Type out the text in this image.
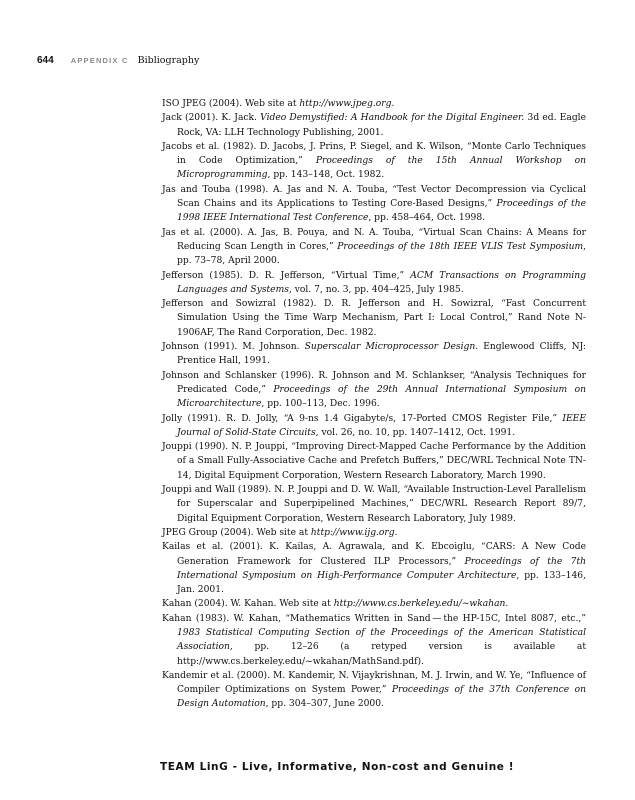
644 APPENDIX C Bibliography
ISO JPEG (2004). Web site at http://www.jpeg.org.
Jack (2001). K. Jack. Video Demystified: A Handbook for the Digital Engineer. 3d ed. Eagle Rock, VA: LLH Technology Publishing, 2001.
Jacobs et al. (1982). D. Jacobs, J. Prins, P. Siegel, and K. Wilson, “Monte Carlo Techniques in Code Optimization,” Proceedings of the 15th Annual Workshop on Microprogramming, pp. 143–148, Oct. 1982.
Jas and Touba (1998). A. Jas and N. A. Touba, “Test Vector Decompression via Cyclical Scan Chains and its Applications to Testing Core-Based Designs,” Proceedings of the 1998 IEEE International Test Conference, pp. 458–464, Oct. 1998.
Jas et al. (2000). A. Jas, B. Pouya, and N. A. Touba, “Virtual Scan Chains: A Means for Reducing Scan Length in Cores,” Proceedings of the 18th IEEE VLIS Test Symposium, pp. 73–78, April 2000.
Jefferson (1985). D. R. Jefferson, “Virtual Time,” ACM Transactions on Programming Languages and Systems, vol. 7, no. 3, pp. 404–425, July 1985.
Jefferson and Sowizral (1982). D. R. Jefferson and H. Sowizral, “Fast Concurrent Simulation Using the Time Warp Mechanism, Part I: Local Control,” Rand Note N-1906AF, The Rand Corporation, Dec. 1982.
Johnson (1991). M. Johnson. Superscalar Microprocessor Design. Englewood Cliffs, NJ: Prentice Hall, 1991.
Johnson and Schlansker (1996). R. Johnson and M. Schlankser, “Analysis Techniques for Predicated Code,” Proceedings of the 29th Annual International Symposium on Microarchitecture, pp. 100–113, Dec. 1996.
Jolly (1991). R. D. Jolly, “A 9-ns 1.4 Gigabyte/s, 17-Ported CMOS Register File,” IEEE Journal of Solid-State Circuits, vol. 26, no. 10, pp. 1407–1412, Oct. 1991.
Jouppi (1990). N. P. Jouppi, “Improving Direct-Mapped Cache Performance by the Addition of a Small Fully-Associative Cache and Prefetch Buffers,” DEC/WRL Technical Note TN-14, Digital Equipment Corporation, Western Research Laboratory, March 1990.
Jouppi and Wall (1989). N. P. Jouppi and D. W. Wall, “Available Instruction-Level Parallelism for Superscalar and Superpipelined Machines,” DEC/WRL Research Report 89/7, Digital Equipment Corporation, Western Research Laboratory, July 1989.
JPEG Group (2004). Web site at http://www.ijg.org.
Kailas et al. (2001). K. Kailas, A. Agrawala, and K. Ebcoiglu, “CARS: A New Code Generation Framework for Clustered ILP Processors,” Proceedings of the 7th International Symposium on High-Performance Computer Architecture, pp. 133–146, Jan. 2001.
Kahan (2004). W. Kahan. Web site at http://www.cs.berkeley.edu/~wkahan.
Kahan (1983). W. Kahan, “Mathematics Written in Sand — the HP-15C, Intel 8087, etc.,” 1983 Statistical Computing Section of the Proceedings of the American Statistical Association, pp. 12–26 (a retyped version is available at http://www.cs.berkeley.edu/~wkahan/MathSand.pdf).
Kandemir et al. (2000). M. Kandemir, N. Vijaykrishnan, M. J. Irwin, and W. Ye, “Influence of Compiler Optimizations on System Power,” Proceedings of the 37th Conference on Design Automation, pp. 304–307, June 2000.
TEAM LinG - Live, Informative, Non-cost and Genuine !
